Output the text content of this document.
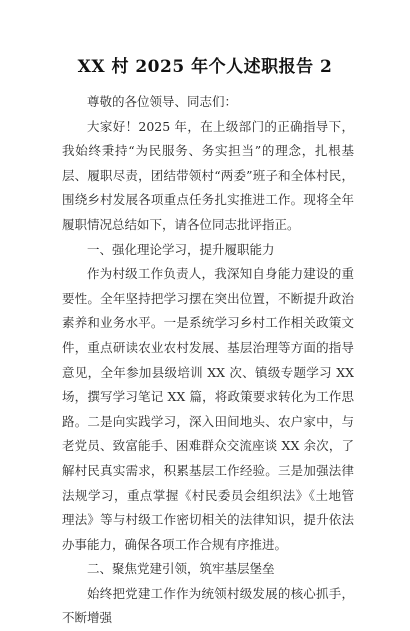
XX 村 2025 年个人述职报告 2

尊敬的各位领导、同志们：

大家好！2025 年，在上级部门的正确指导下，我始终秉持“为民服务、务实担当”的理念，扎根基层、履职尽责，团结带领村“两委”班子和全体村民，围绕乡村发展各项重点任务扎实推进工作。现将全年履职情况总结如下，请各位同志批评指正。

一、强化理论学习，提升履职能力

作为村级工作负责人，我深知自身能力建设的重要性。全年坚持把学习摆在突出位置，不断提升政治素养和业务水平。一是系统学习乡村工作相关政策文件，重点研读农业农村发展、基层治理等方面的指导意见，全年参加县级培训 XX 次、镇级专题学习 XX 场，撰写学习笔记 XX 篇，将政策要求转化为工作思路。二是向实践学习，深入田间地头、农户家中，与老党员、致富能手、困难群众交流座谈 XX 余次，了解村民真实需求，积累基层工作经验。三是加强法律法规学习，重点掌握《村民委员会组织法》《土地管理法》等与村级工作密切相关的法律知识，提升依法办事能力，确保各项工作合规有序推进。

二、聚焦党建引领，筑牢基层堡垒

始终把党建工作作为统领村级发展的核心抓手，不断增强
